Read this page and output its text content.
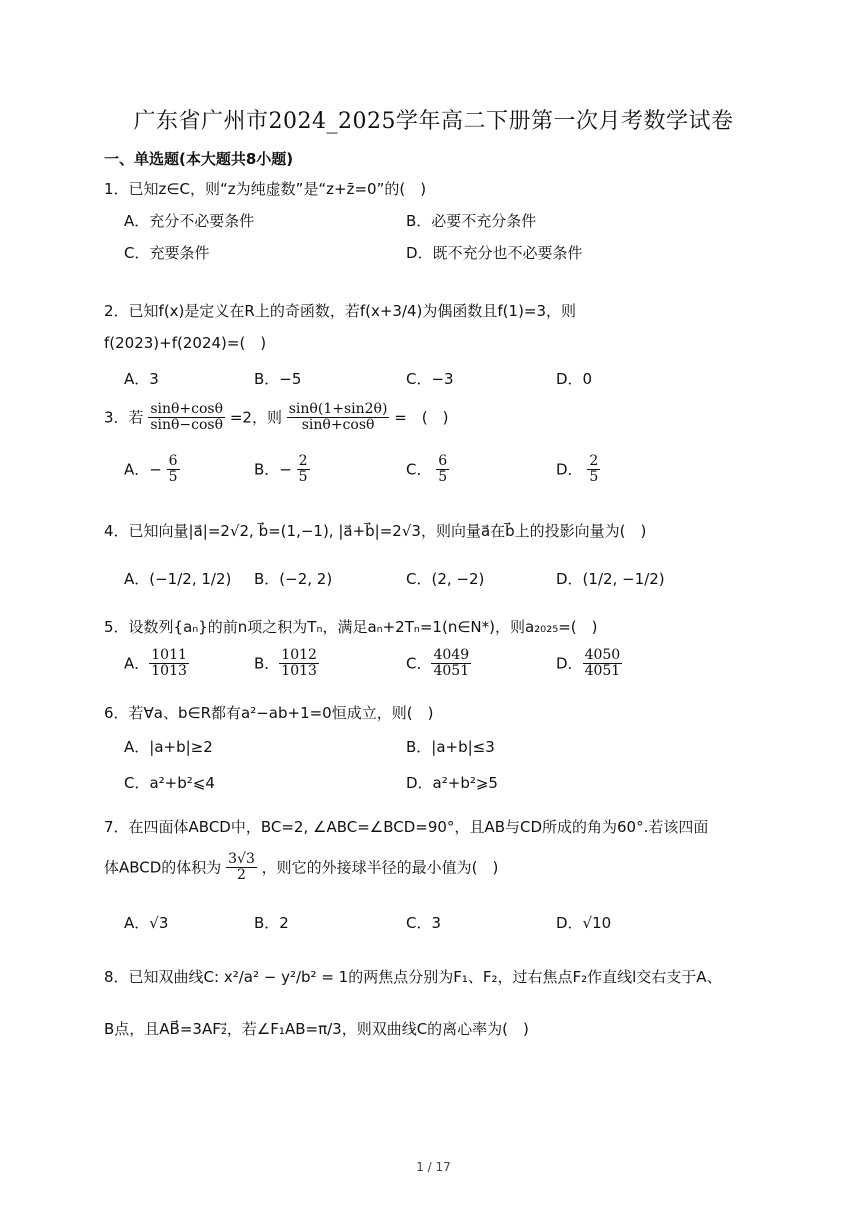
广东省广州市2024_2025学年高二下册第一次月考数学试卷
一、单选题(本大题共8小题)
1．已知z∈C，则“z为纯虚数”是“z+z̄=0”的(　)
A．充分不必要条件	B．必要不充分条件
C．充要条件	D．既不充分也不必要条件
2．已知f(x)是定义在R上的奇函数，若f(x+3/4)为偶函数且f(1)=3，则
f(2023)+f(2024)=(　)
A．3	B．−5	C．−3	D．0
3．若 $\frac{\sin\theta+\cos\theta}{\sin\theta-\cos\theta} =2$，则 $\frac{\sin\theta(1+\sin 2\theta)}{\sin\theta+\cos\theta}$ =　(　)
A．− $\frac{6}{5}$	B．− $\frac{2}{5}$	C． $\frac{6}{5}$	D． $\frac{2}{5}$
4．已知向量|a⃗|=2√2, b⃗=(1,−1), |a⃗+b⃗|=2√3，则向量a⃗在b⃗上的投影向量为(　)
A．(−1/2, 1/2) B．(−2, 2)	C．(2, −2)	D．(1/2, −1/2)
5．设数列{aₙ}的前n项之积为Tₙ，满足aₙ+2Tₙ=1(n∈N*)，则a₂₀₂₅=(　)
A． $\frac{1011}{1013}$	B． $\frac{1012}{1013}$	C． $\frac{4049}{4051}$	D． $\frac{4050}{4051}$
6．若∀a、b∈R都有a²−ab+1=0恒成立，则(　)
A．|a+b|≥2	B．|a+b|≤3
C．a²+b²⩽4	D．a²+b²⩾5
7．在四面体ABCD中，BC=2, ∠ABC=∠BCD=90°，且AB与CD所成的角为60°.若该四面
体ABCD的体积为 $\frac{3√3}{2}$ ，则它的外接球半径的最小值为(　)
A．√3	B．2	C．3	D．√10
8．已知双曲线C: x²/a² − y²/b² = 1的两焦点分别为F₁、F₂，过右焦点F₂作直线l交右支于A、
B点，且AB⃗=3AF₂⃗，若∠F₁AB=π/3，则双曲线C的离心率为(　)
1 / 17
